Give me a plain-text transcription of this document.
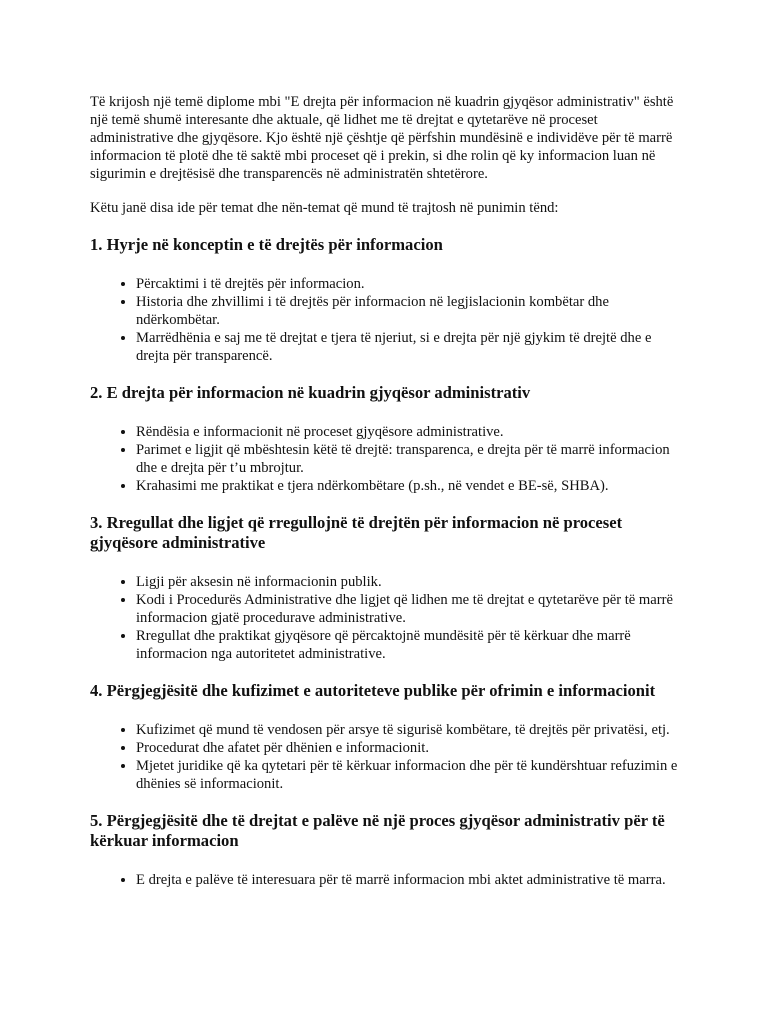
Të krijosh një temë diplome mbi "E drejta për informacion në kuadrin gjyqësor administrativ" është një temë shumë interesante dhe aktuale, që lidhet me të drejtat e qytetarëve në proceset administrative dhe gjyqësore. Kjo është një çështje që përfshin mundësinë e individëve për të marrë informacion të plotë dhe të saktë mbi proceset që i prekin, si dhe rolin që ky informacion luan në sigurimin e drejtësisë dhe transparencës në administratën shtetërore.

Këtu janë disa ide për temat dhe nën-temat që mund të trajtosh në punimin tënd:

1. Hyrje në konceptin e të drejtës për informacion
• Përcaktimi i të drejtës për informacion.
• Historia dhe zhvillimi i të drejtës për informacion në legjislacionin kombëtar dhe ndërkombëtar.
• Marrëdhënia e saj me të drejtat e tjera të njeriut, si e drejta për një gjykim të drejtë dhe e drejta për transparencë.
2. E drejta për informacion në kuadrin gjyqësor administrativ
• Rëndësia e informacionit në proceset gjyqësore administrative.
• Parimet e ligjit që mbështesin këtë të drejtë: transparenca, e drejta për të marrë informacion dhe e drejta për t’u mbrojtur.
• Krahasimi me praktikat e tjera ndërkombëtare (p.sh., në vendet e BE-së, SHBA).
3. Rregullat dhe ligjet që rregullojnë të drejtën për informacion në proceset gjyqësore administrative
• Ligji për aksesin në informacionin publik.
• Kodi i Procedurës Administrative dhe ligjet që lidhen me të drejtat e qytetarëve për të marrë informacion gjatë procedurave administrative.
• Rregullat dhe praktikat gjyqësore që përcaktojnë mundësitë për të kërkuar dhe marrë informacion nga autoritetet administrative.
4. Përgjegjësitë dhe kufizimet e autoriteteve publike për ofrimin e informacionit
• Kufizimet që mund të vendosen për arsye të sigurisë kombëtare, të drejtës për privatësi, etj.
• Procedurat dhe afatet për dhënien e informacionit.
• Mjetet juridike që ka qytetari për të kërkuar informacion dhe për të kundërshtuar refuzimin e dhënies së informacionit.
5. Përgjegjësitë dhe të drejtat e palëve në një proces gjyqësor administrativ për të kërkuar informacion
• E drejta e palëve të interesuara për të marrë informacion mbi aktet administrative të marra.
